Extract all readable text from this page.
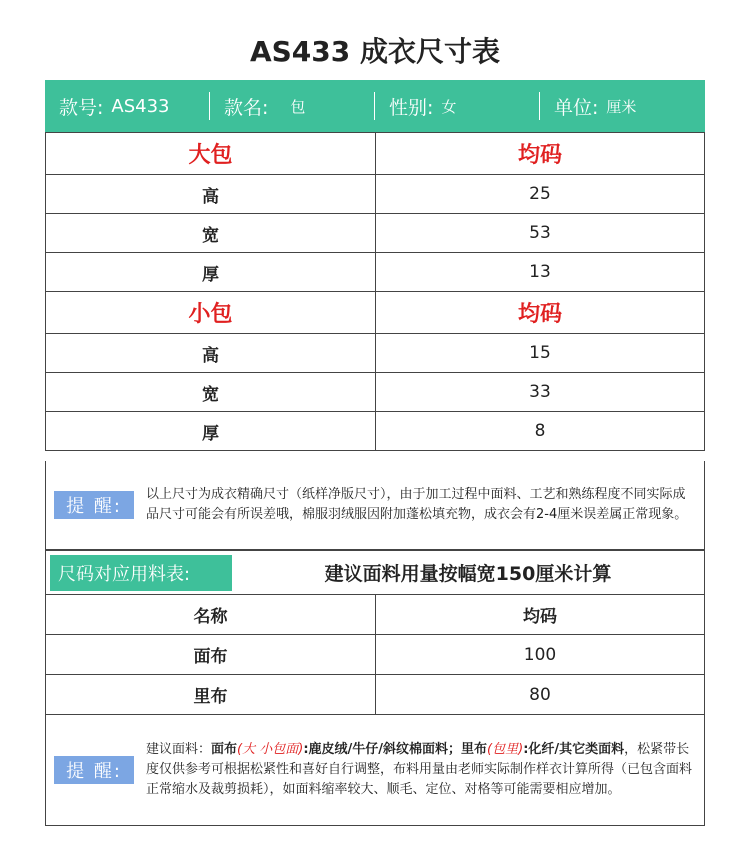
AS433 成衣尺寸表
款号: AS433	款名: 包	性别: 女	单位: 厘米
大包	均码
高	25
宽	53
厚	13
小包	均码
高	15
宽	33
厚	8
提 醒:
以上尺寸为成衣精确尺寸（纸样净版尺寸），由于加工过程中面料、工艺和熟练程度不同实际成品尺寸可能会有所误差哦，棉服羽绒服因附加蓬松填充物，成衣会有2-4厘米误差属正常现象。
尺码对应用料表:	建议面料用量按幅宽150厘米计算
名称	均码
面布	100
里布	80
提 醒:
建议面料：面布(大 小包面):鹿皮绒/牛仔/斜纹棉面料；里布(包里):化纤/其它类面料，松紧带长度仅供参考可根据松紧性和喜好自行调整，布料用量由老师实际制作样衣计算所得（已包含面料正常缩水及裁剪损耗），如面料缩率较大、顺毛、定位、对格等可能需要相应增加。
